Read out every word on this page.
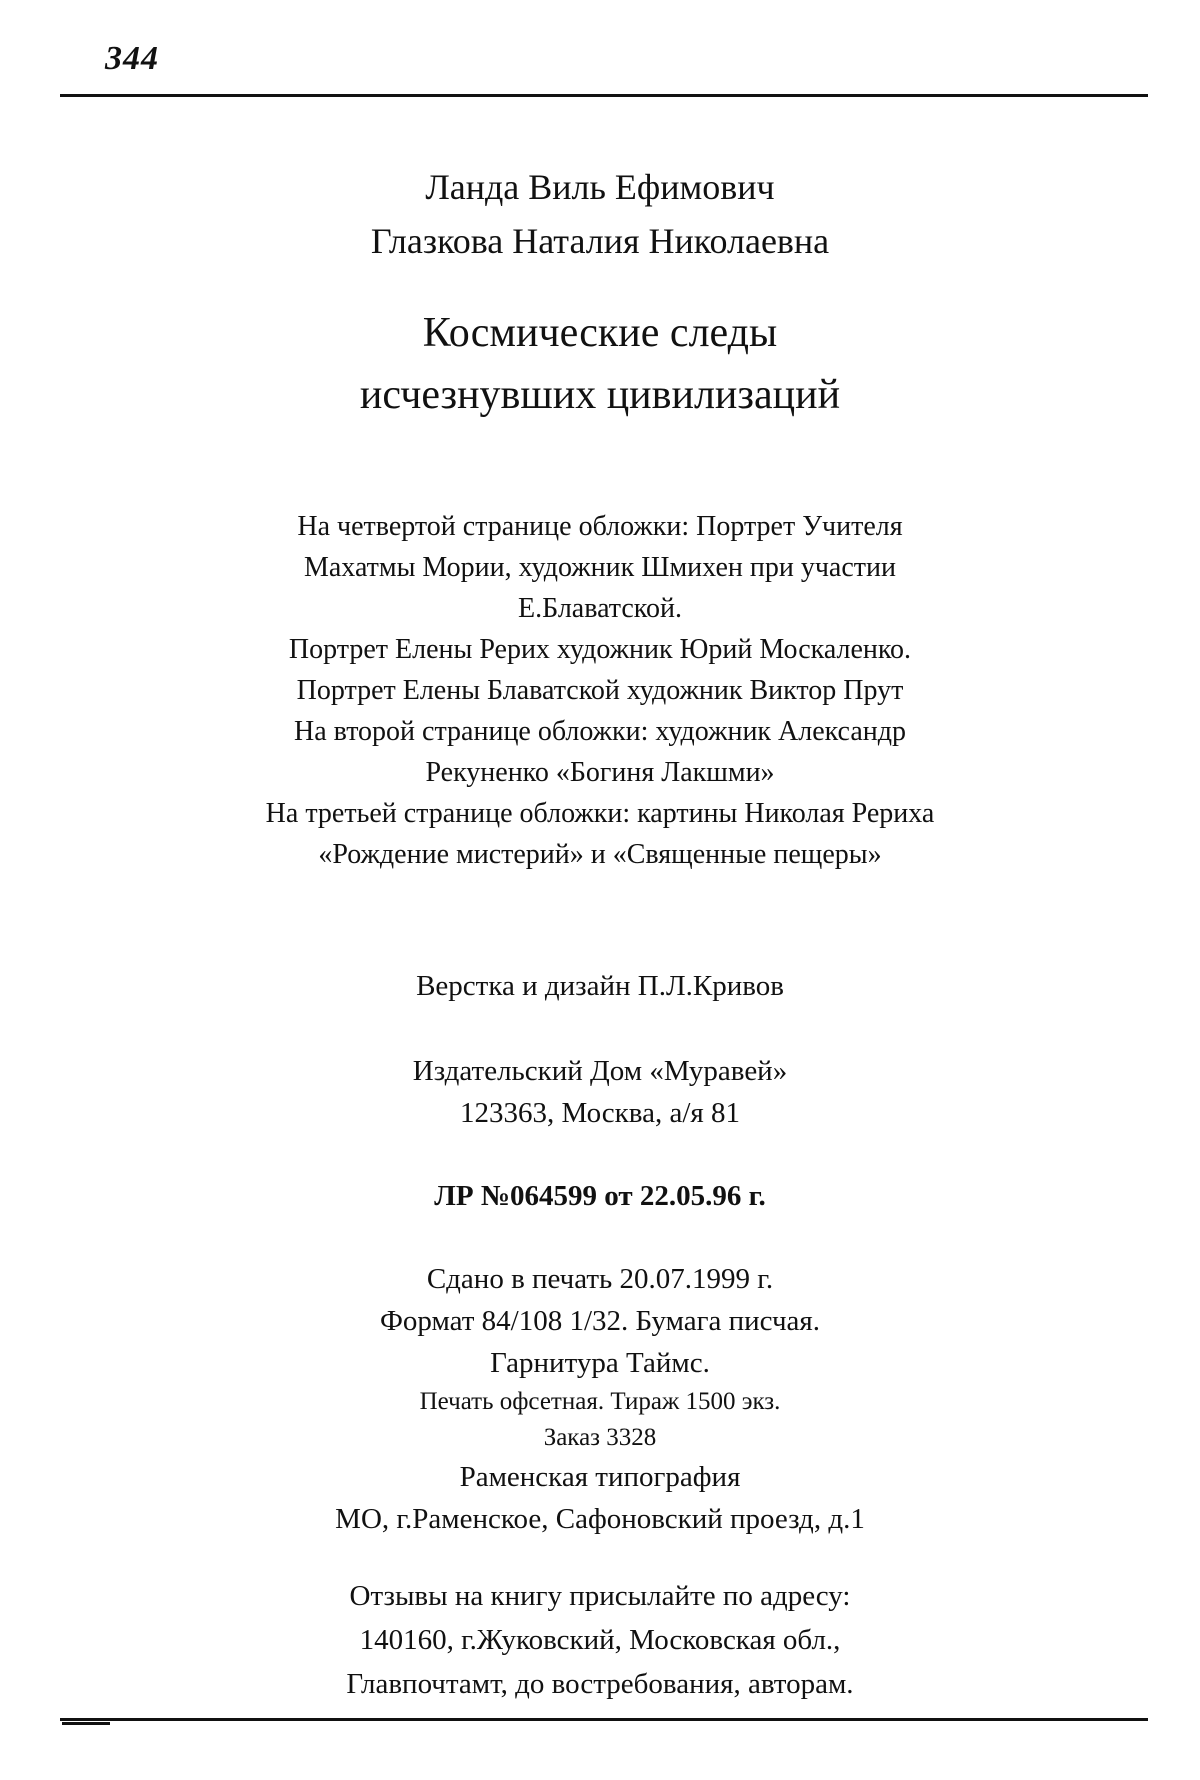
344
Ланда Виль Ефимович
Глазкова Наталия Николаевна
Космические следы
исчезнувших цивилизаций
На четвертой странице обложки: Портрет Учителя
Махатмы Мории, художник Шмихен при участии
Е.Блаватской.
Портрет Елены Рерих художник Юрий Москаленко.
Портрет Елены Блаватской художник Виктор Прут
На второй странице обложки: художник Александр
Рекуненко «Богиня Лакшми»
На третьей странице обложки: картины Николая Рериха
«Рождение мистерий» и «Священные пещеры»
Верстка и дизайн П.Л.Кривов
Издательский Дом «Муравей»
123363, Москва, а/я 81
ЛР №064599 от 22.05.96 г.
Сдано в печать 20.07.1999 г.
Формат 84/108 1/32. Бумага писчая.
Гарнитура Таймс.
Печать офсетная. Тираж 1500 экз.
Заказ 3328
Раменская типография
МО, г.Раменское, Сафоновский проезд, д.1
Отзывы на книгу присылайте по адресу:
140160, г.Жуковский, Московская обл.,
Главпочтамт, до востребования, авторам.
